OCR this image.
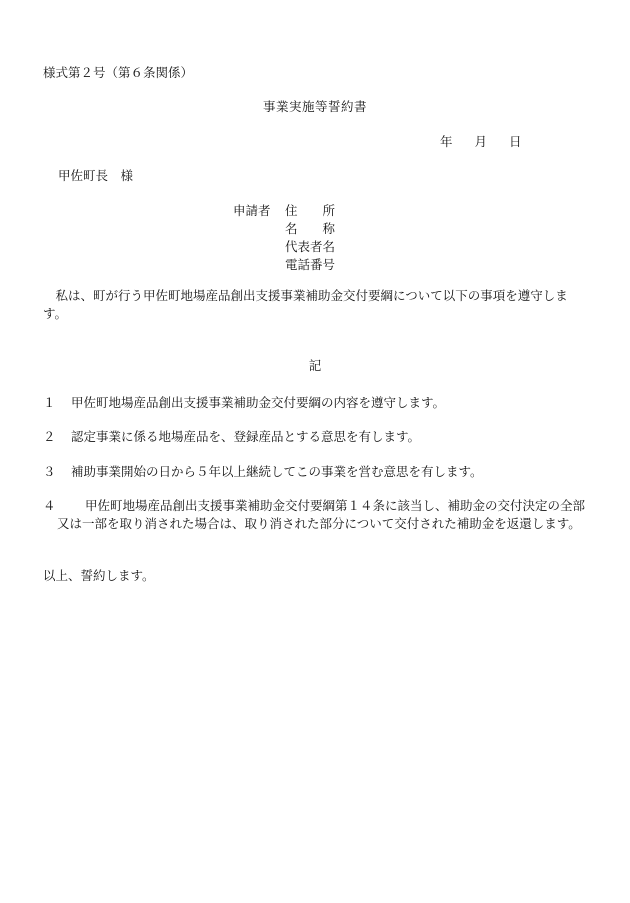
様式第２号（第６条関係）
事業実施等誓約書
年 月 日
甲佐町長　様
申請者	住　　所
	名　　称
	代表者名
	電話番号
私は、町が行う甲佐町地場産品創出支援事業補助金交付要綱について以下の事項を遵守します。
記
１	甲佐町地場産品創出支援事業補助金交付要綱の内容を遵守します。
２	認定事業に係る地場産品を、登録産品とする意思を有します。
３	補助事業開始の日から５年以上継続してこの事業を営む意思を有します。
４	甲佐町地場産品創出支援事業補助金交付要綱第１４条に該当し、補助金の交付決定の全部又は一部を取り消された場合は、取り消された部分について交付された補助金を返還します。
以上、誓約します。
